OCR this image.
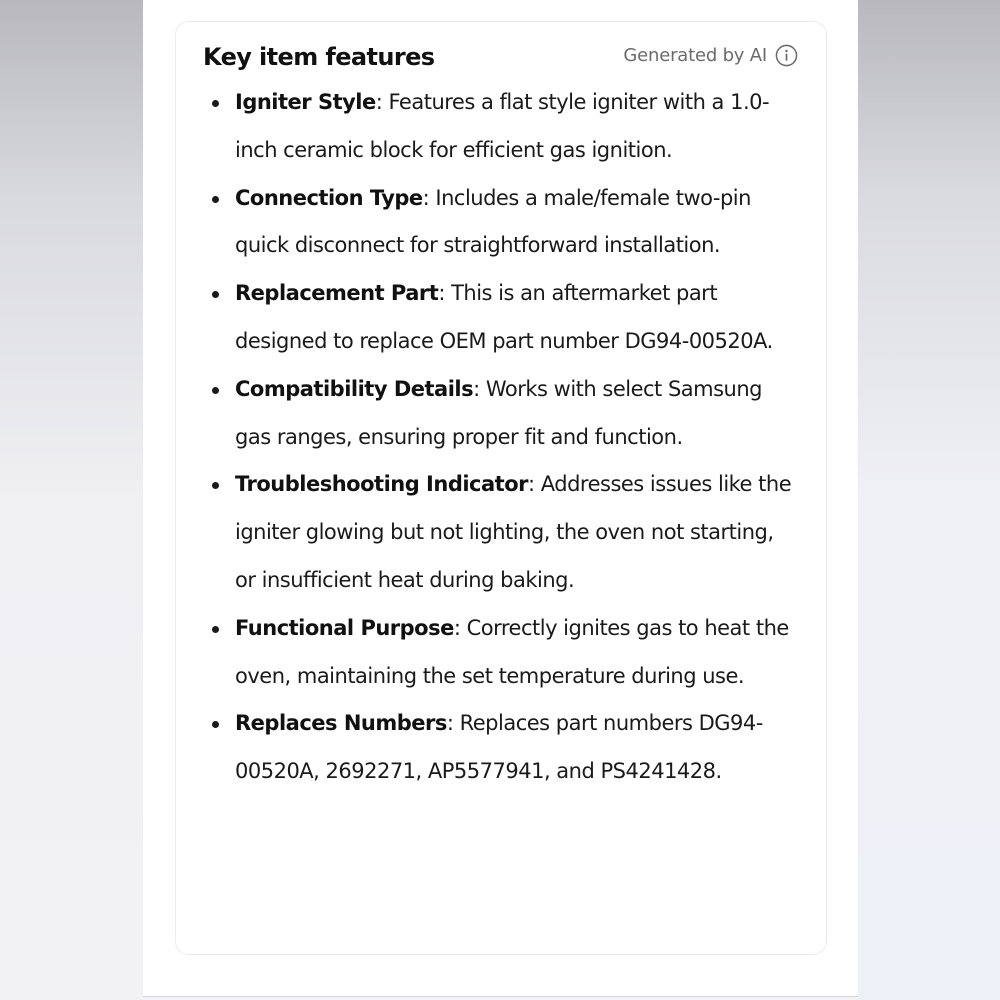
Key item features	Generated by AI
Igniter Style: Features a flat style igniter with a 1.0-inch ceramic block for efficient gas ignition.
Connection Type: Includes a male/female two-pin quick disconnect for straightforward installation.
Replacement Part: This is an aftermarket part designed to replace OEM part number DG94-00520A.
Compatibility Details: Works with select Samsung gas ranges, ensuring proper fit and function.
Troubleshooting Indicator: Addresses issues like the igniter glowing but not lighting, the oven not starting, or insufficient heat during baking.
Functional Purpose: Correctly ignites gas to heat the oven, maintaining the set temperature during use.
Replaces Numbers: Replaces part numbers DG94-00520A, 2692271, AP5577941, and PS4241428.
